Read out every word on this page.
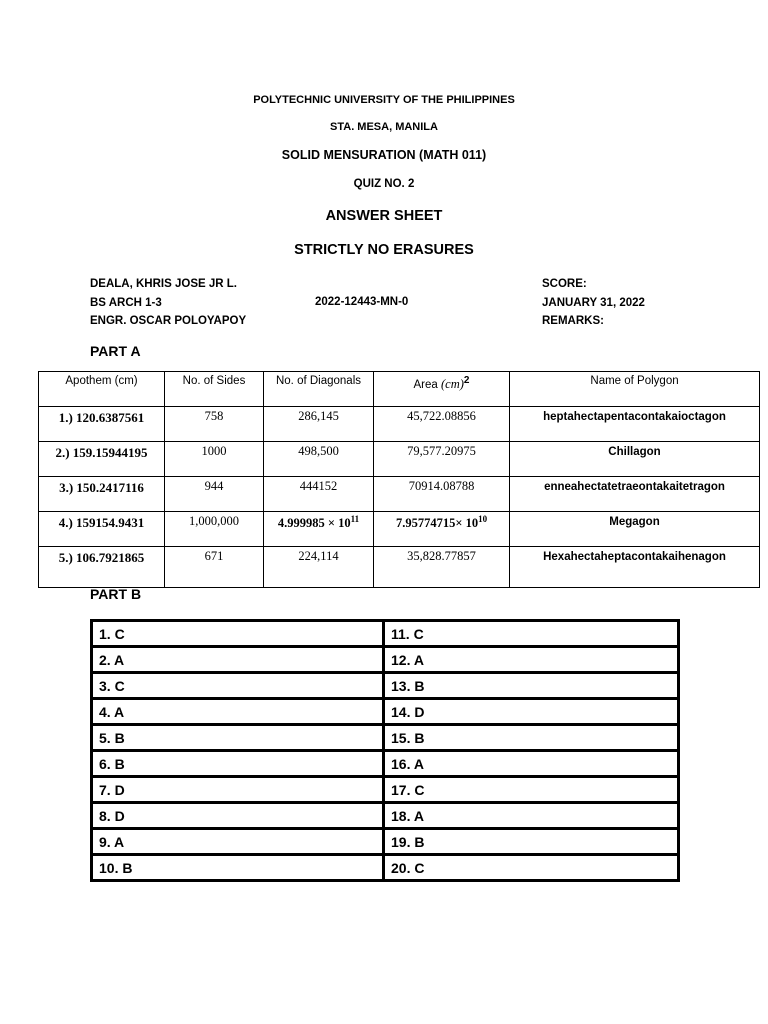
POLYTECHNIC UNIVERSITY OF THE PHILIPPINES
STA. MESA, MANILA
SOLID MENSURATION (MATH 011)
QUIZ NO. 2
ANSWER SHEET
STRICTLY NO ERASURES
DEALA, KHRIS JOSE JR L.
BS ARCH 1-3
ENGR. OSCAR POLOYAPOY
2022-12443-MN-0
SCORE:
JANUARY 31, 2022
REMARKS:
PART A
Apothem (cm)	No. of Sides	No. of Diagonals	Area (cm)$^2$	Name of Polygon
1.) 120.6387561	758	286,145	45,722.08856	heptahectapentacontakaioctagon
2.) 159.15944195	1000	498,500	79,577.20975	Chillagon
3.) 150.2417116	944	444152	70914.08788	enneahectatetraeontakaitetragon
4.) 159154.9431	1,000,000	$4.999985 \times 10^{11}$	$7.95774715\times 10^{10}$	Megagon
5.) 106.7921865	671	224,114	35,828.77857	Hexahectaheptacontakaihenagon
PART B
1. C	11. C
2. A	12. A
3. C	13. B
4. A	14. D
5. B	15. B
6. B	16. A
7. D	17. C
8. D	18. A
9. A	19. B
10. B	20. C
